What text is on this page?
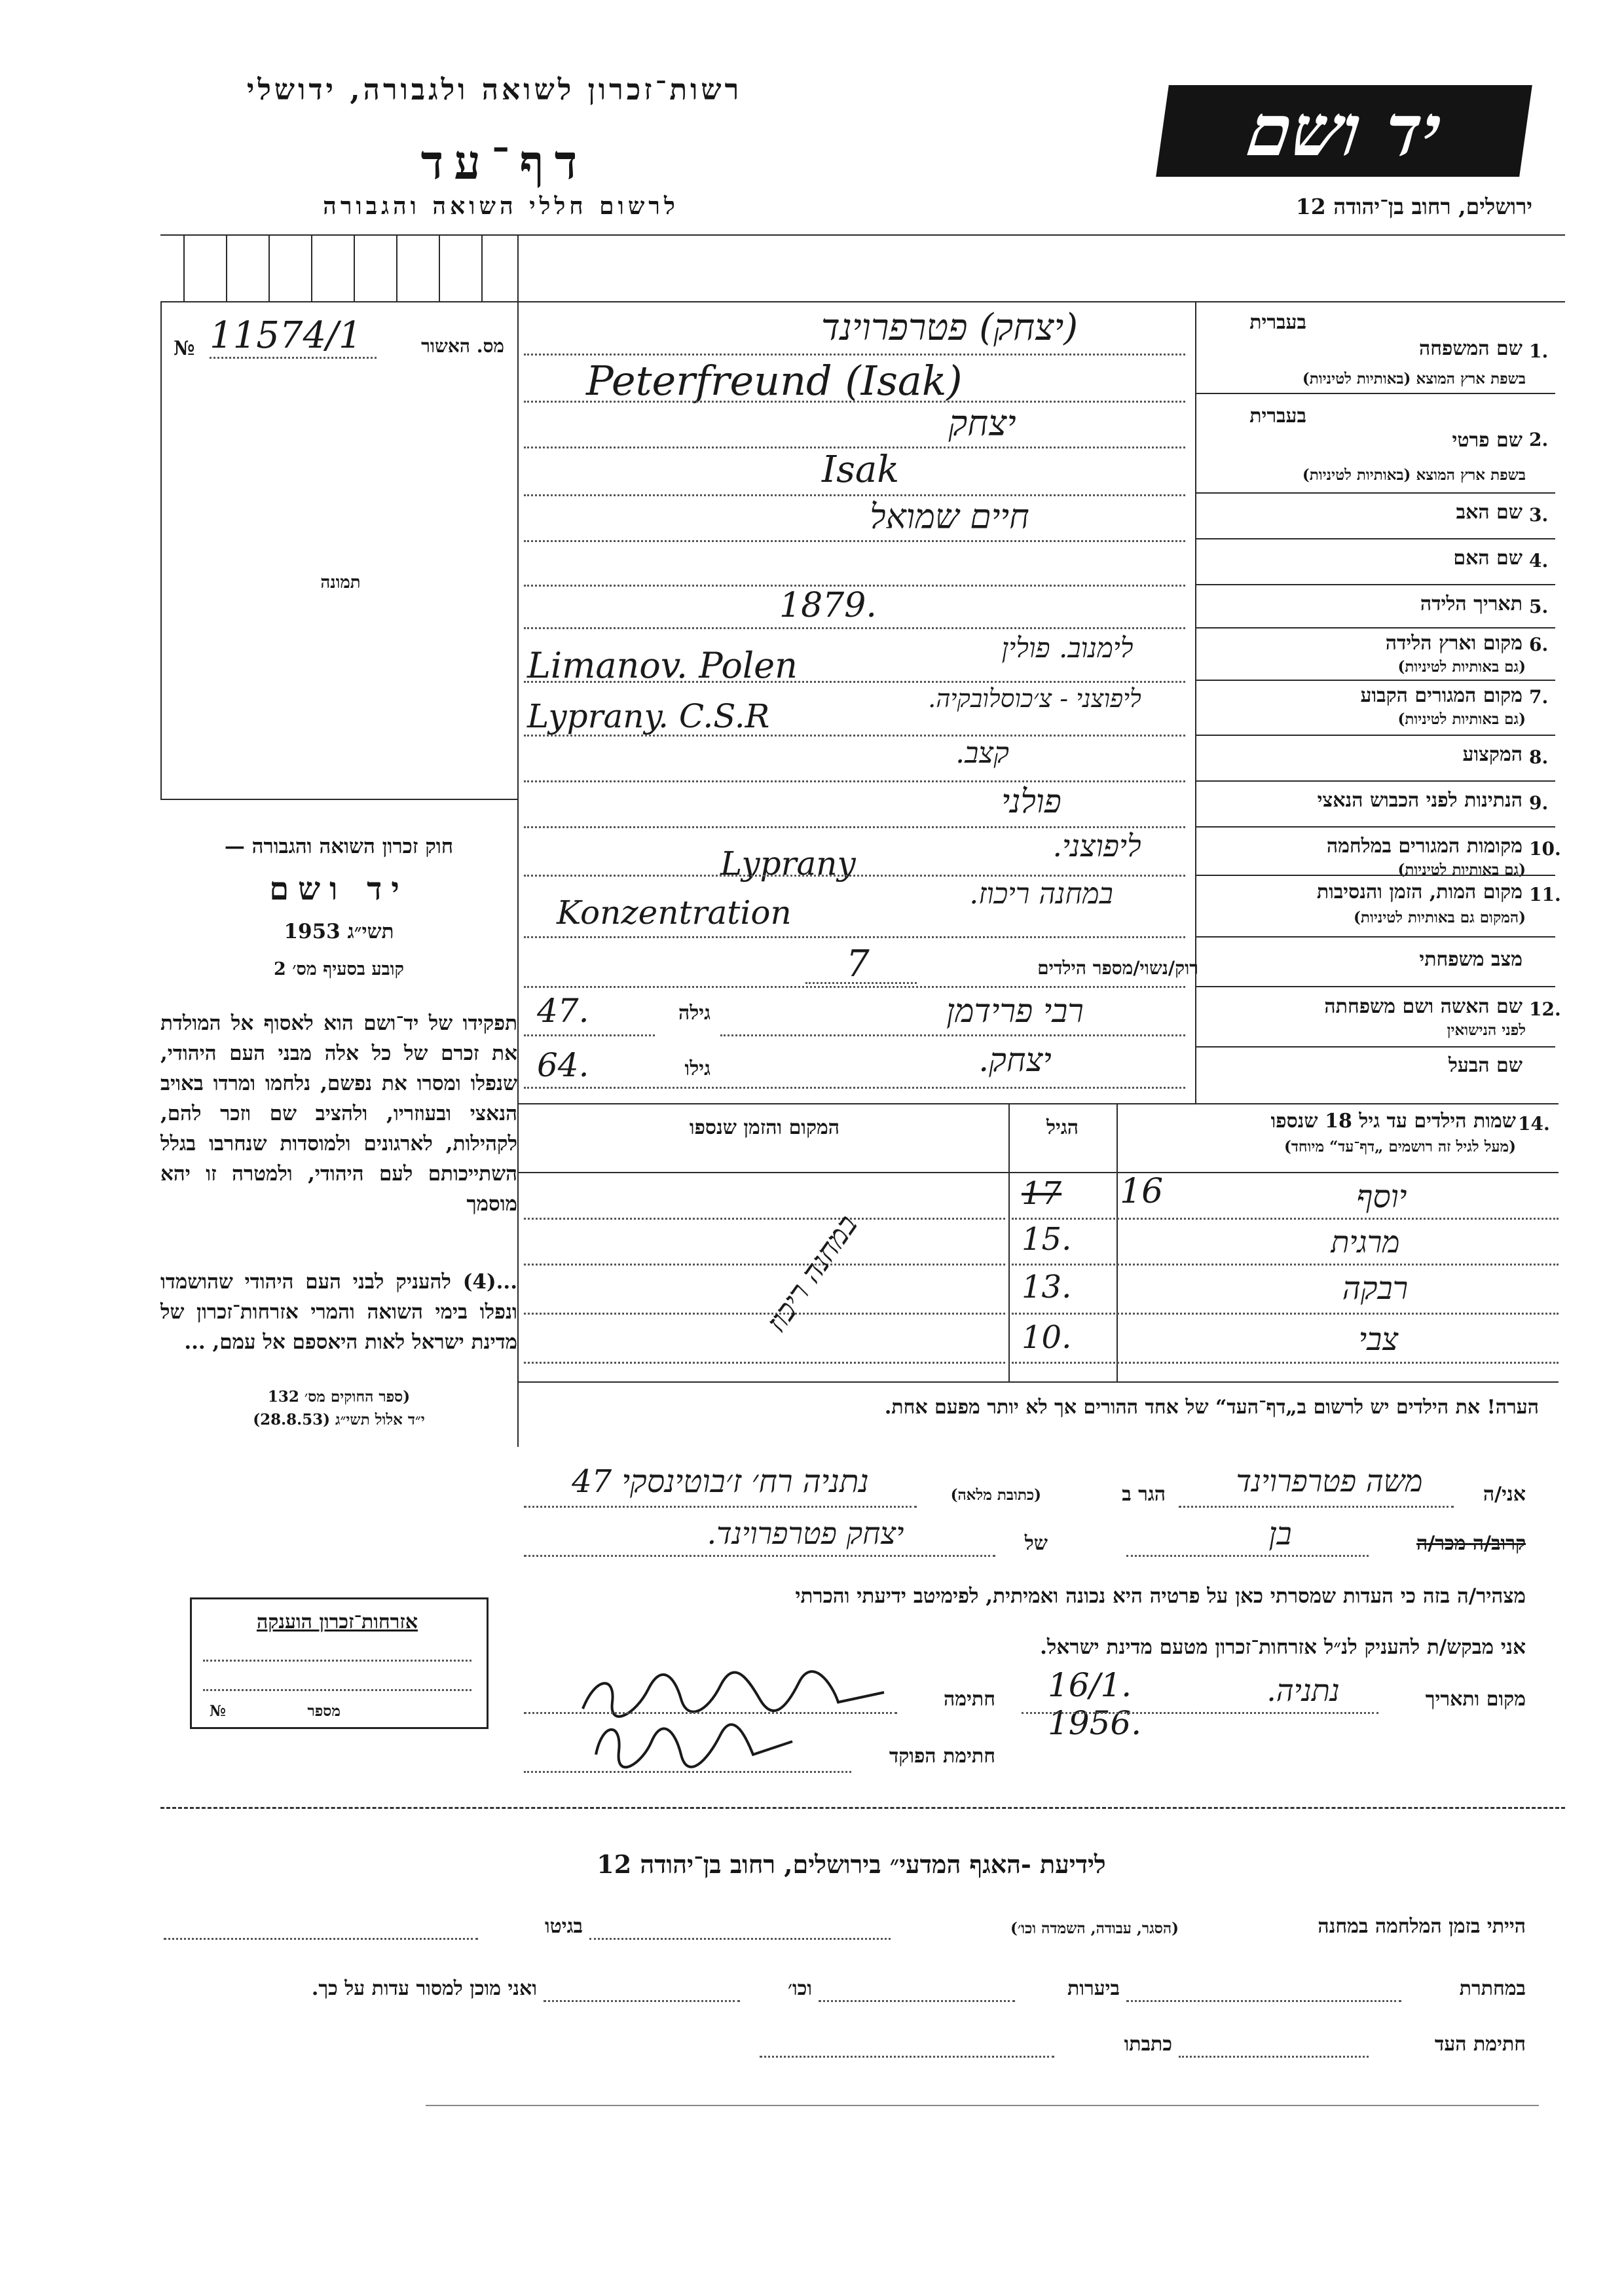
רשות־זכרון לשואה ולגבורה, ידושלי
דף־עד
לרשום חללי השואה והגבורה
יד ושם
ירושלים, רחוב בן־יהודה 12
№ 11574/1	מס. האשור
תמונה
1.
בעברית
שם המשפחה
בשפת ארץ המוצא (באותיות לטיניות)
2.
בעברית
שם פרטי
בשפת ארץ המוצא (באותיות לטיניות)
3.
שם האב
4.
שם האם
5.
תאריך הלידה
6.
מקום וארץ הלידה
(גם באותיות לטיניות)
7.
מקום המגורים הקבוע
(גם באותיות לטיניות)
8.
המקצוע
9.
הנתינות לפני הכבוש הנאצי
10.
מקומות המגורים במלחמה
(גם באותיות לטיניות)
11.
מקום המות, הזמן והנסיבות
(המקום גם באותיות לטיניות)
מצב משפחתי
12.
שם האשה ושם משפחתה
לפני הנישואין
שם הבעל
(יצחק) פטרפרוינד
Peterfreund (Isak)
יצחק
Isak
חיים שמואל
1879.
לימנוב. פולין
Limanov. Polen
ליפוצני - צ׳כוסלובקיה.
Lyprany. C.S.R
קצב.
פולני
ליפוצני.
Lyprany
במחנה ריכוז.
Konzentration
רוק/נשוי/מספר הילדים
7
רבי פרידמן
גילה
47.
יצחק.
גילו
64.
14.
שמות הילדים עד גיל 18 שנספו
(מעל לגיל זה רושמים „דף־עד“ מיוחד)
הגיל
המקום והזמן שנספו
יוסף
17	16
מרגית
15.
רבקה
13.
צבי
10.
במחנה ריכוז
הערה! את הילדים יש לרשום ב„דף־העד“ של אחד ההורים אך לא יותר מפעם אחת.
חוק זכרון השואה והגבורה —
יד ושם
תשי״ג 1953
קובע בסעיף מס׳ 2
תפקידו של יד־ושם הוא לאסוף אל המולדת את זכרם של כל אלה מבני העם היהודי, שנפלו ומסרו את נפשם, נלחמו ומרדו באויב הנאצי ובעוזריו, ולהציב שם וזכר להם, לקהילות, לארגונים ולמוסדות שנחרבו בגלל השתייכותם לעם היהודי, ולמטרה זו יהא מוסמך
...(4) להעניק לבני העם היהודי שהושמדו ונפלו בימי השואה והמרי אזרחות־זכרון של מדינת ישראל לאות היאספם אל עמם, ...
(ספר החוקים מס׳ 132
י״ד אלול תשי״ג (28.8.53)
אזרחות־זכרון הוענקה
מספר
№
אני/ה
משה פטרפרוינד
הגר ב
(כתובת מלאה)
נתניה רח׳ ז׳בוטינסקי 47
קרוב/ה מכר/ה
בן
של
יצחק פטרפרוינד.
מצהיר/ה בזה כי העדות שמסרתי כאן על פרטיה היא נכונה ואמיתית, לפימיטב ידיעתי והכרתי
אני מבקש/ת להעניק לנ״ל אזרחות־זכרון מטעם מדינת ישראל.
מקום ותאריך
נתניה.
16/1. 1956.
חתימה
חתימת הפוקד
לידיעת -האגף המדעי״ בירושלים, רחוב בן־יהודה 12
הייתי בזמן המלחמה במחנה
(הסגר, עבודה, השמדה וכו׳)
בגיטו
במחתרת
ביערות
וכו׳
ואני מוכן למסור עדות על כך.
חתימת העד
כתבתו
